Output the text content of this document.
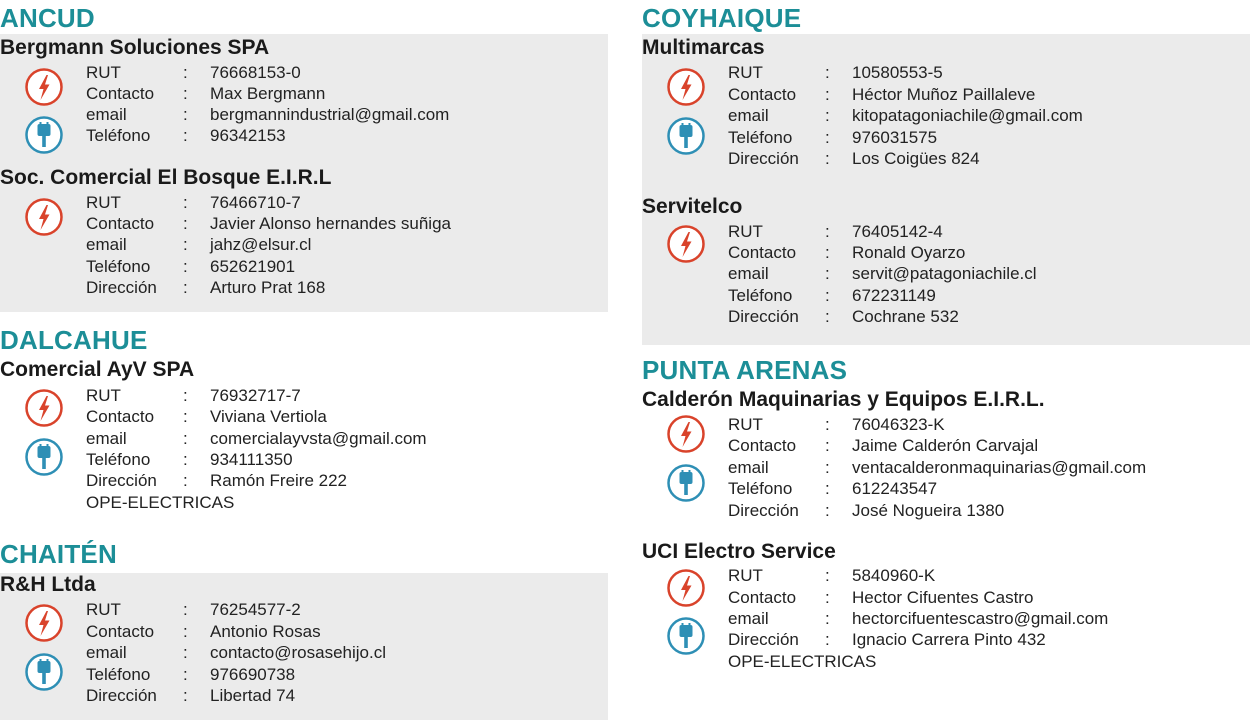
ANCUD
Bergmann Soluciones SPA
RUT	: 76668153-0
Contacto : Max Bergmann
email	: bergmannindustrial@gmail.com
Teléfono : 96342153
Soc. Comercial El Bosque E.I.R.L
RUT	: 76466710-7
Contacto : Javier Alonso hernandes suñiga
email	: jahz@elsur.cl
Teléfono : 652621901
Dirección : Arturo Prat 168
DALCAHUE
Comercial AyV SPA
RUT	: 76932717-7
Contacto : Viviana Vertiola
email	: comercialayvsta@gmail.com
Teléfono : 934111350
Dirección : Ramón Freire 222
OPE-ELECTRICAS
CHAITÉN
R&H Ltda
RUT	: 76254577-2
Contacto : Antonio Rosas
email	: contacto@rosasehijo.cl
Teléfono : 976690738
Dirección : Libertad 74
COYHAIQUE
Multimarcas
RUT	: 10580553-5
Contacto : Héctor Muñoz Paillaleve
email	: kitopatagoniachile@gmail.com
Teléfono : 976031575
Dirección : Los Coigües 824
Servitelco
RUT	: 76405142-4
Contacto : Ronald Oyarzo
email	: servit@patagoniachile.cl
Teléfono : 672231149
Dirección : Cochrane 532
PUNTA ARENAS
Calderón Maquinarias y Equipos E.I.R.L.
RUT	: 76046323-K
Contacto : Jaime Calderón Carvajal
email	: ventacalderonmaquinarias@gmail.com
Teléfono : 612243547
Dirección : José Nogueira 1380
UCI Electro Service
RUT	: 5840960-K
Contacto : Hector Cifuentes Castro
email	: hectorcifuentescastro@gmail.com
Dirección : Ignacio Carrera Pinto 432
OPE-ELECTRICAS
